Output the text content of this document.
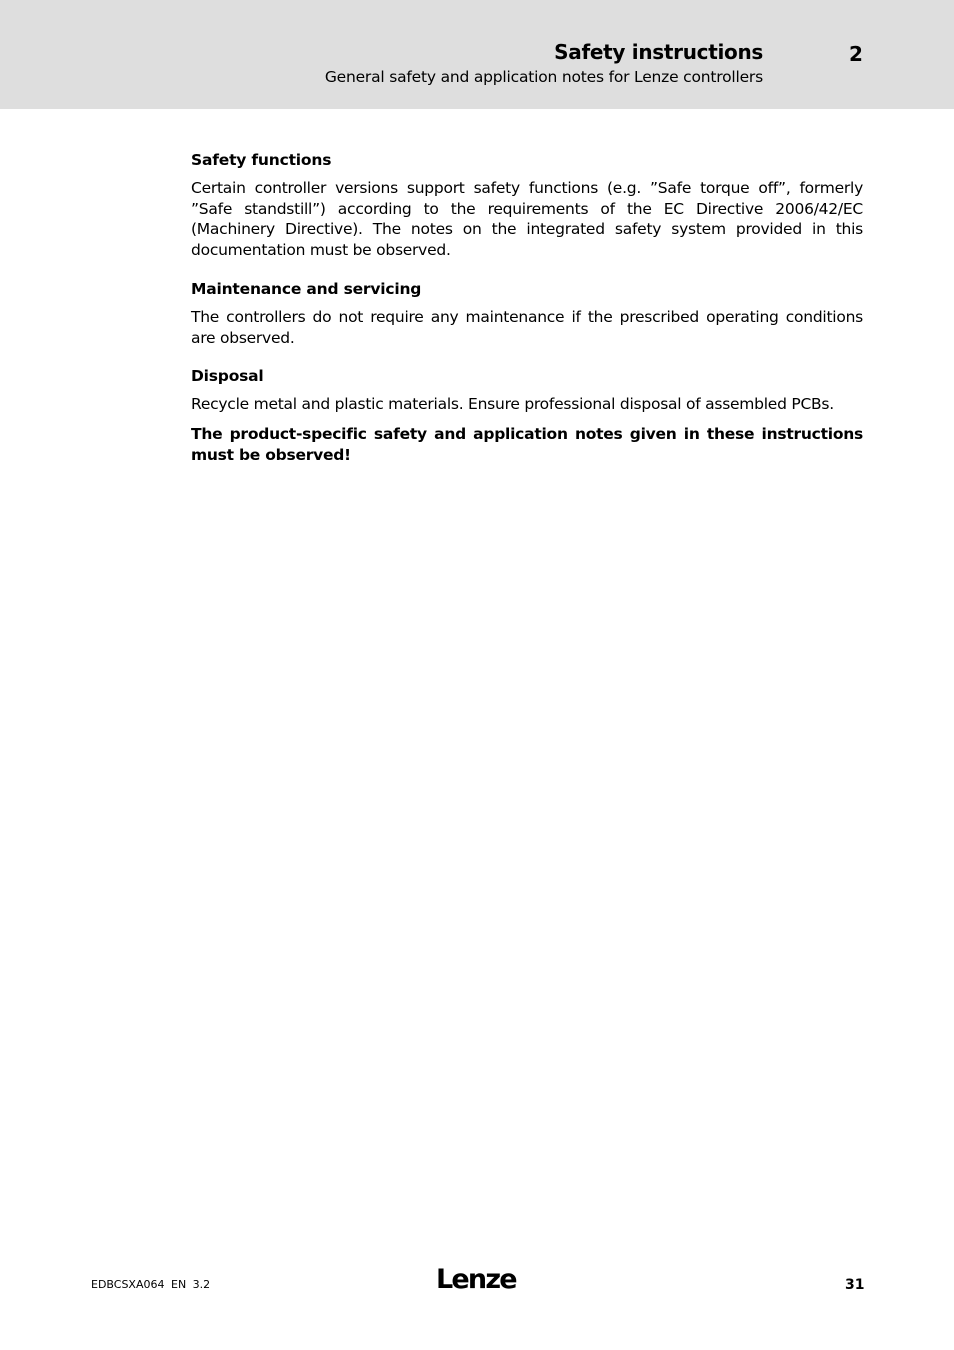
Safety instructions	2
General safety and application notes for Lenze controllers
Safety functions

Certain controller versions support safety functions (e.g. ”Safe torque off”, formerly ”Safe standstill”) according to the requirements of the EC Directive 2006/42/EC (Machinery Directive). The notes on the integrated safety system provided in this documentation must be observed.

Maintenance and servicing

The controllers do not require any maintenance if the prescribed operating conditions are observed.

Disposal

Recycle metal and plastic materials. Ensure professional disposal of assembled PCBs.

The product-specific safety and application notes given in these instructions must be observed!

EDBCSXA064 EN 3.2	Lenze	31
